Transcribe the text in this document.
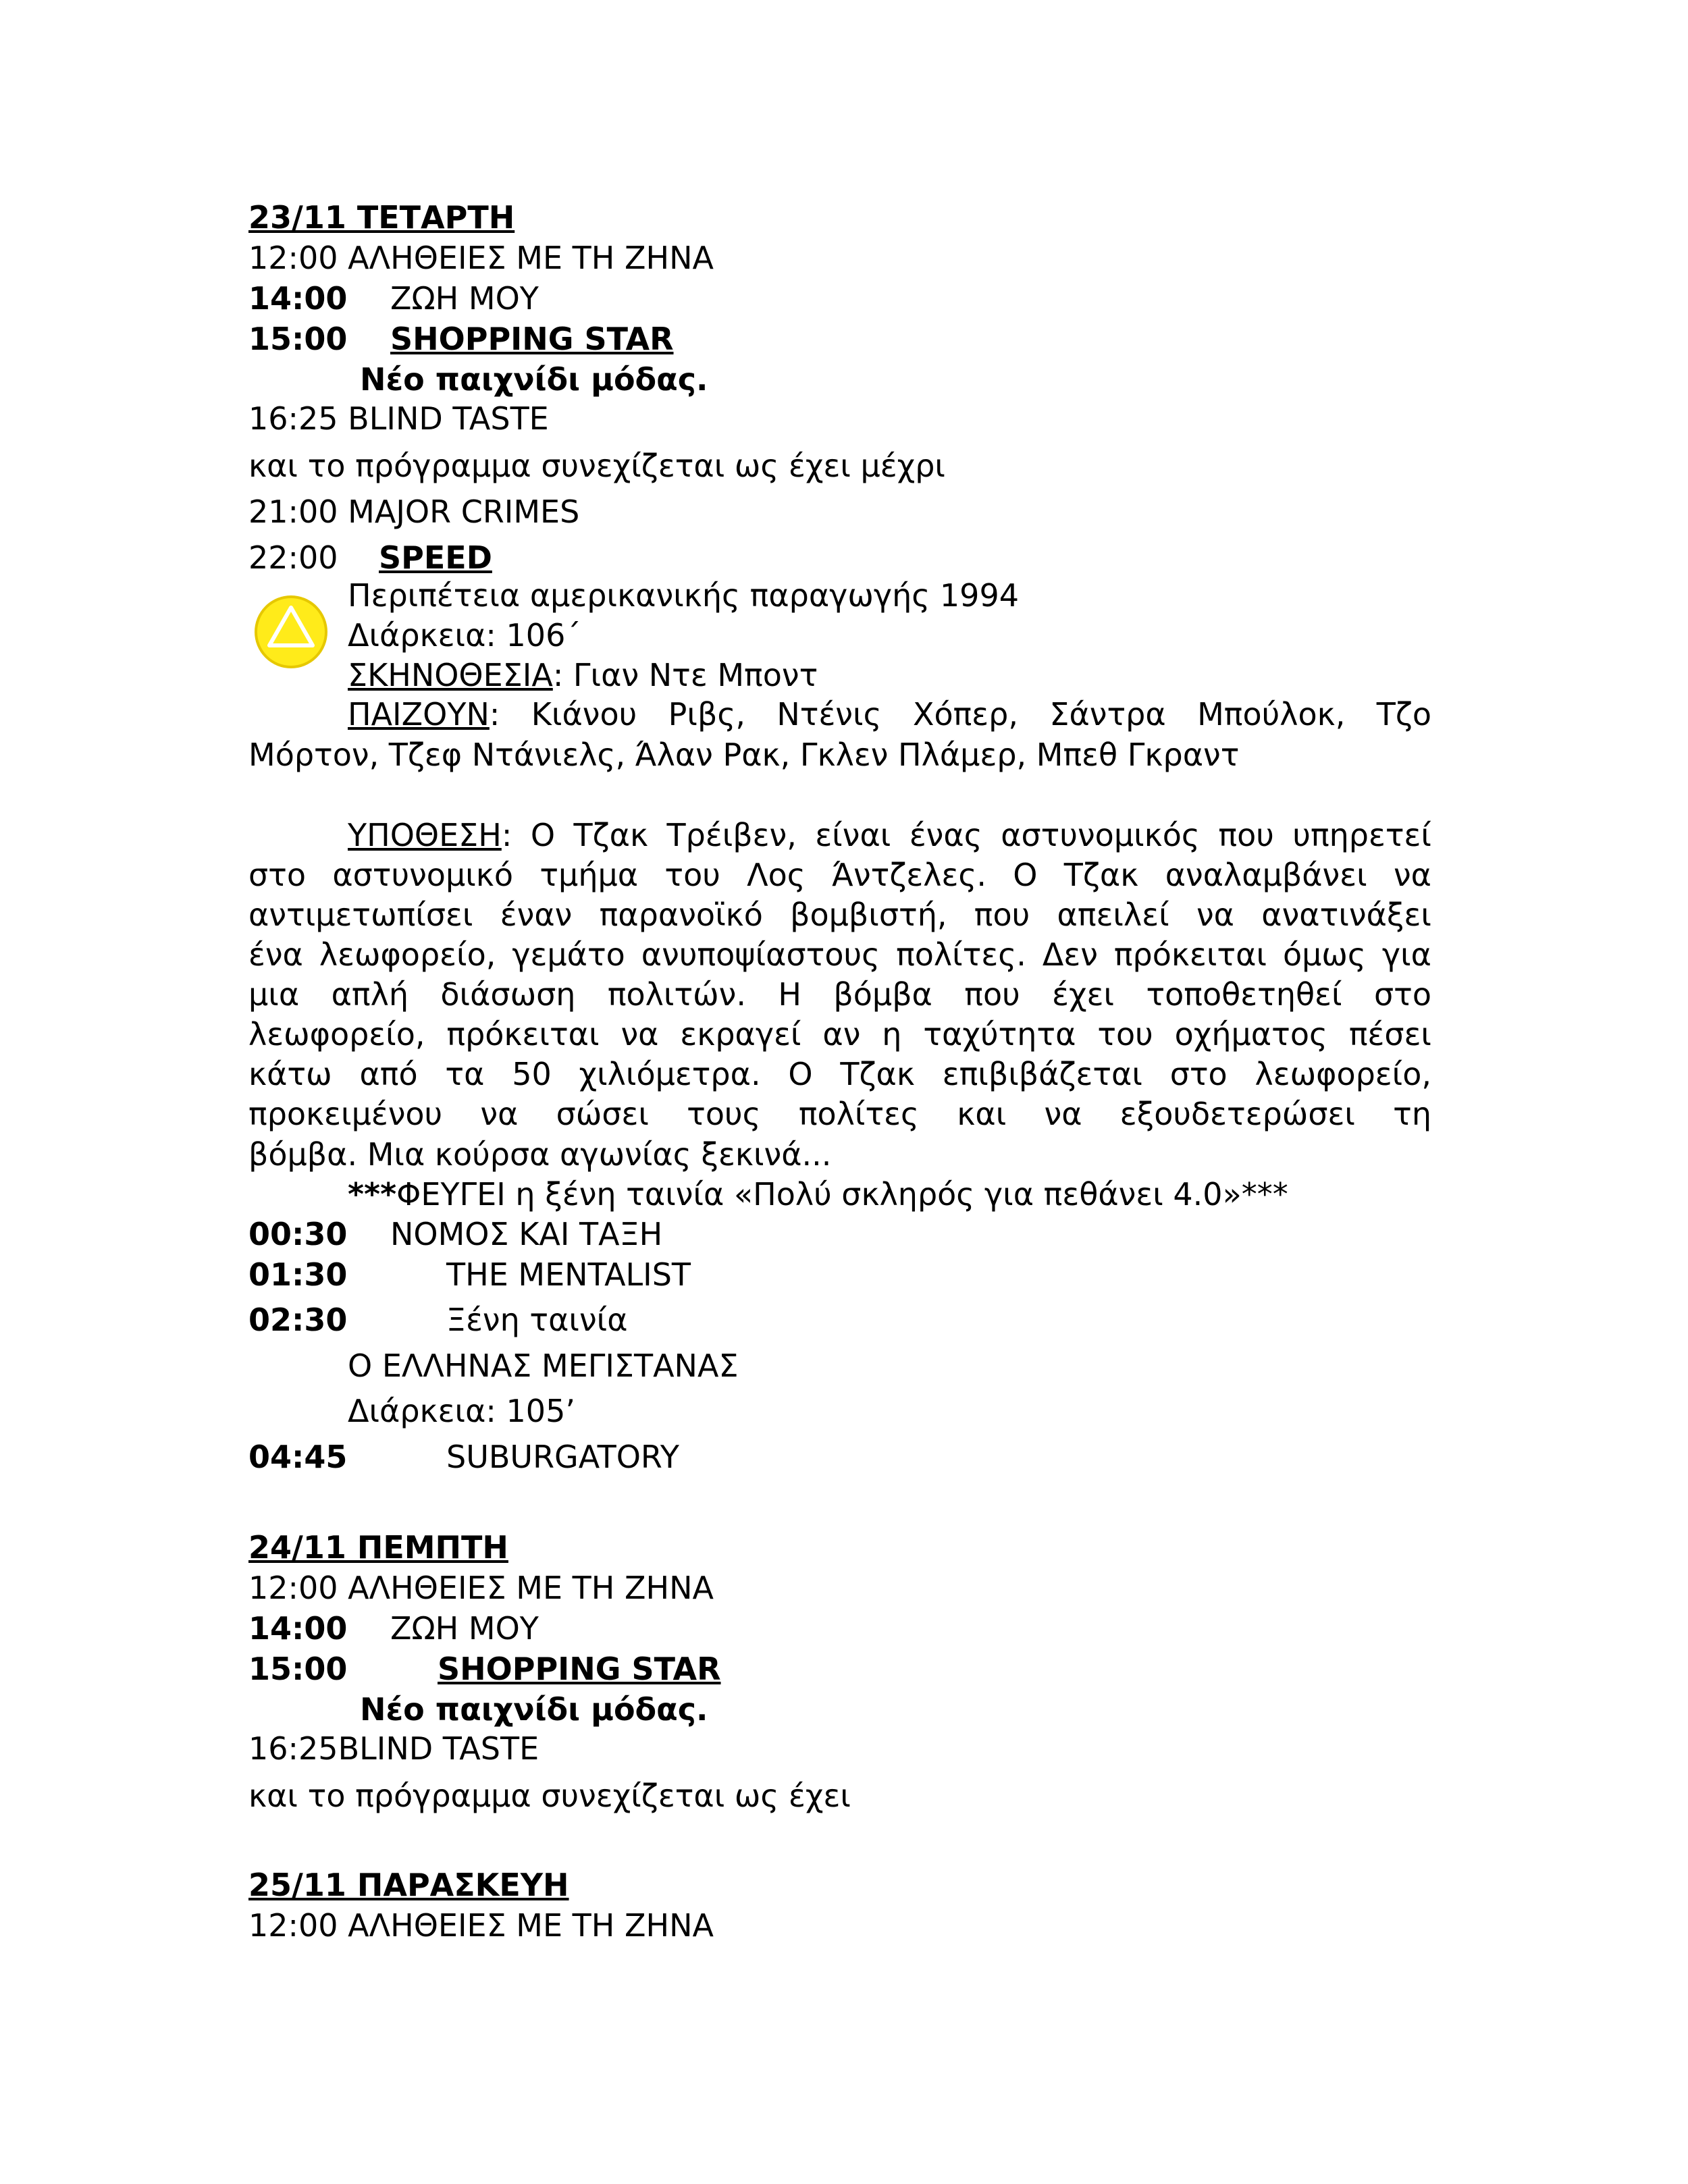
23/11 ΤΕΤΑΡΤΗ
12:00 ΑΛΗΘΕΙΕΣ ΜΕ ΤΗ ΖΗΝΑ
14:00 ΖΩΗ ΜΟΥ
15:00 SHOPPING STAR
Νέο παιχνίδι μόδας.
16:25 BLIND TASTE
και το πρόγραμμα συνεχίζεται ως έχει μέχρι
21:00 MAJOR CRIMES
22:00 SPEED
Περιπέτεια αμερικανικής παραγωγής 1994
Διάρκεια: 106΄
ΣΚΗΝΟΘΕΣΙΑ: Γιαν Ντε Μποντ
ΠΑΙΖΟΥΝ: Κιάνου Ριβς, Ντένις Χόπερ, Σάντρα Μπούλοκ, Τζο
Μόρτον, Τζεφ Ντάνιελς, Άλαν Ρακ, Γκλεν Πλάμερ, Μπεθ Γκραντ
ΥΠΟΘΕΣΗ: Ο Τζακ Τρέιβεν, είναι ένας αστυνομικός που υπηρετεί
στο αστυνομικό τμήμα του Λος Άντζελες. Ο Τζακ αναλαμβάνει να
αντιμετωπίσει έναν παρανοϊκό βομβιστή, που απειλεί να ανατινάξει
ένα λεωφορείο, γεμάτο ανυποψίαστους πολίτες. Δεν πρόκειται όμως για
μια απλή διάσωση πολιτών. Η βόμβα που έχει τοποθετηθεί στο
λεωφορείο, πρόκειται να εκραγεί αν η ταχύτητα του οχήματος πέσει
κάτω από τα 50 χιλιόμετρα. Ο Τζακ επιβιβάζεται στο λεωφορείο,
προκειμένου να σώσει τους πολίτες και να εξουδετερώσει τη
βόμβα. Μια κούρσα αγωνίας ξεκινά...
***ΦΕΥΓΕΙ η ξένη ταινία «Πολύ σκληρός για πεθάνει 4.0»***
00:30 ΝΟΜΟΣ ΚΑΙ ΤΑΞΗ
01:30	THE MENTALIST
02:30	Ξένη ταινία
Ο ΕΛΛΗΝΑΣ ΜΕΓΙΣΤΑΝΑΣ
Διάρκεια: 105’
04:45	SUBURGATORY
24/11 ΠΕΜΠΤΗ
12:00 ΑΛΗΘΕΙΕΣ ΜΕ ΤΗ ΖΗΝΑ
14:00 ΖΩΗ ΜΟΥ
15:00	SHOPPING STAR
Νέο παιχνίδι μόδας.
16:25BLIND TASTE
και το πρόγραμμα συνεχίζεται ως έχει
25/11 ΠΑΡΑΣΚΕΥΗ
12:00 ΑΛΗΘΕΙΕΣ ΜΕ ΤΗ ΖΗΝΑ
